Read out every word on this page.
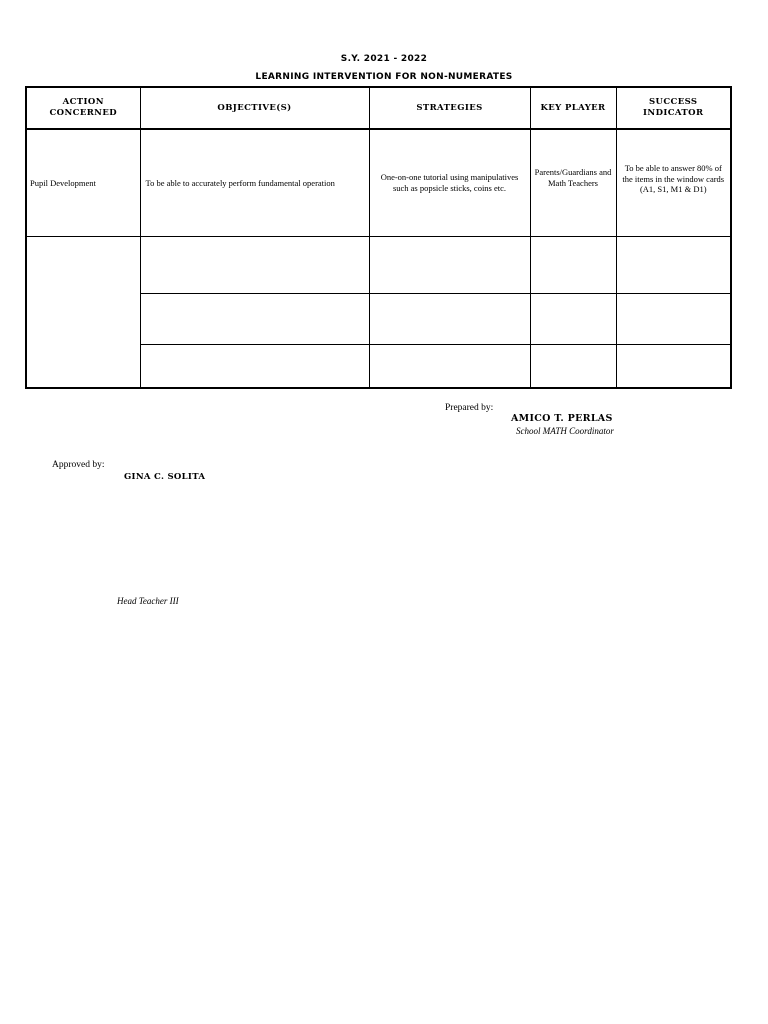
S.Y. 2021 - 2022
LEARNING INTERVENTION FOR NON-NUMERATES
ACTION CONCERNED	OBJECTIVE(S)	STRATEGIES	KEY PLAYER	SUCCESS INDICATOR
Pupil Development	To be able to accurately perform fundamental operation	One-on-one tutorial using manipulatives such as popsicle sticks, coins etc.	Parents/Guardians and Math Teachers	To be able to answer 80% of the items in the window cards (A1, S1, M1 & D1)

Prepared by:
AMICO T. PERLAS
School MATH Coordinator
Approved by:
GINA C. SOLITA
Head Teacher III
